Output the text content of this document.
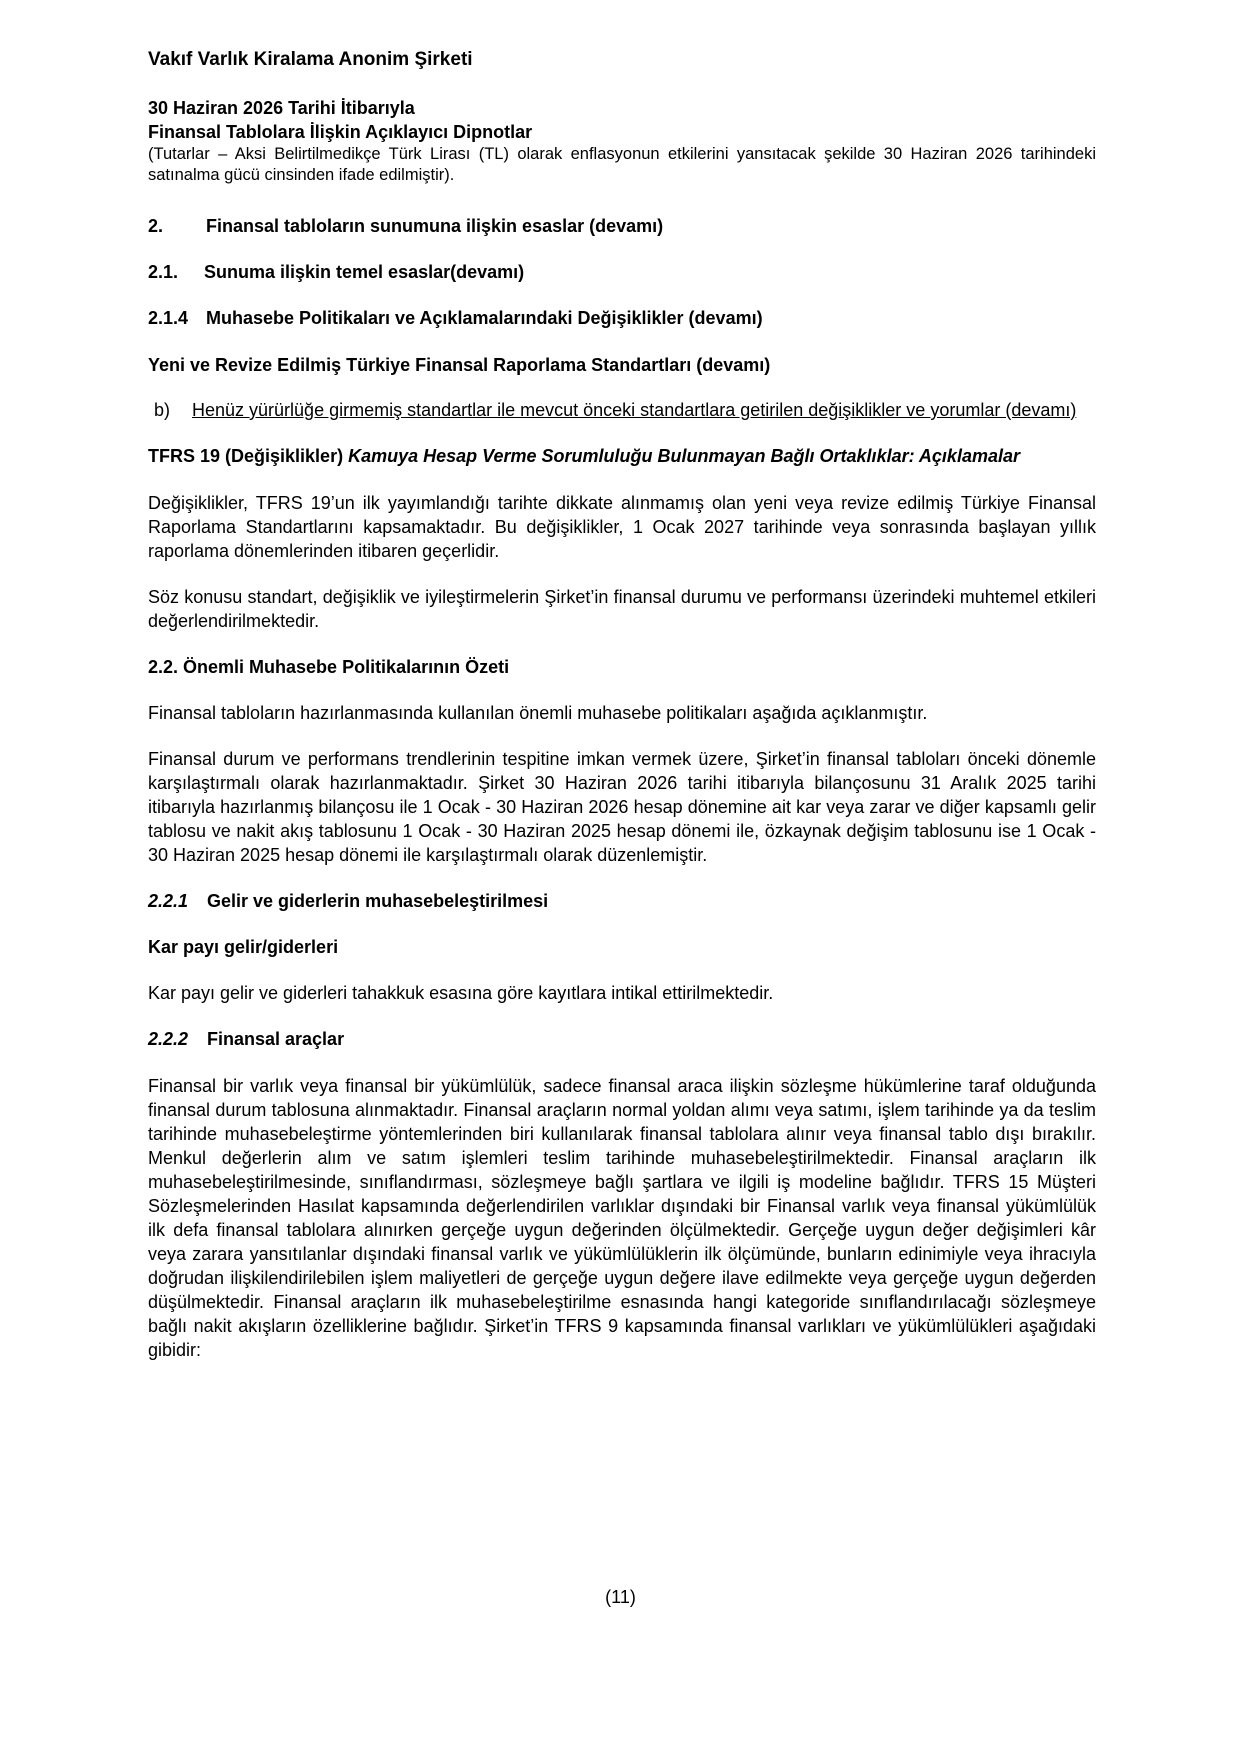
Vakıf Varlık Kiralama Anonim Şirketi
30 Haziran 2026 Tarihi İtibarıyla
Finansal Tablolara İlişkin Açıklayıcı Dipnotlar
(Tutarlar – Aksi Belirtilmedikçe Türk Lirası (TL) olarak enflasyonun etkilerini yansıtacak şekilde 30 Haziran 2026 tarihindeki satınalma gücü cinsinden ifade edilmiştir).
2. Finansal tabloların sunumuna ilişkin esaslar (devamı)
2.1. Sunuma ilişkin temel esaslar(devamı)
2.1.4 Muhasebe Politikaları ve Açıklamalarındaki Değişiklikler (devamı)
Yeni ve Revize Edilmiş Türkiye Finansal Raporlama Standartları (devamı)
b)	Henüz yürürlüğe girmemiş standartlar ile mevcut önceki standartlara getirilen değişiklikler ve yorumlar (devamı)
TFRS 19 (Değişiklikler) Kamuya Hesap Verme Sorumluluğu Bulunmayan Bağlı Ortaklıklar: Açıklamalar

Değişiklikler, TFRS 19’un ilk yayımlandığı tarihte dikkate alınmamış olan yeni veya revize edilmiş Türkiye Finansal Raporlama Standartlarını kapsamaktadır. Bu değişiklikler, 1 Ocak 2027 tarihinde veya sonrasında başlayan yıllık raporlama dönemlerinden itibaren geçerlidir.

Söz konusu standart, değişiklik ve iyileştirmelerin Şirket’in finansal durumu ve performansı üzerindeki muhtemel etkileri değerlendirilmektedir.

2.2. Önemli Muhasebe Politikalarının Özeti

Finansal tabloların hazırlanmasında kullanılan önemli muhasebe politikaları aşağıda açıklanmıştır.

Finansal durum ve performans trendlerinin tespitine imkan vermek üzere, Şirket’in finansal tabloları önceki dönemle karşılaştırmalı olarak hazırlanmaktadır. Şirket 30 Haziran 2026 tarihi itibarıyla bilançosunu 31 Aralık 2025 tarihi itibarıyla hazırlanmış bilançosu ile 1 Ocak - 30 Haziran 2026 hesap dönemine ait kar veya zarar ve diğer kapsamlı gelir tablosu ve nakit akış tablosunu 1 Ocak - 30 Haziran 2025 hesap dönemi ile, özkaynak değişim tablosunu ise 1 Ocak - 30 Haziran 2025 hesap dönemi ile karşılaştırmalı olarak düzenlemiştir.

2.2.1 Gelir ve giderlerin muhasebeleştirilmesi
Kar payı gelir/giderleri

Kar payı gelir ve giderleri tahakkuk esasına göre kayıtlara intikal ettirilmektedir.

2.2.2 Finansal araçlar

Finansal bir varlık veya finansal bir yükümlülük, sadece finansal araca ilişkin sözleşme hükümlerine taraf olduğunda finansal durum tablosuna alınmaktadır. Finansal araçların normal yoldan alımı veya satımı, işlem tarihinde ya da teslim tarihinde muhasebeleştirme yöntemlerinden biri kullanılarak finansal tablolara alınır veya finansal tablo dışı bırakılır. Menkul değerlerin alım ve satım işlemleri teslim tarihinde muhasebeleştirilmektedir. Finansal araçların ilk muhasebeleştirilmesinde, sınıflandırması, sözleşmeye bağlı şartlara ve ilgili iş modeline bağlıdır. TFRS 15 Müşteri Sözleşmelerinden Hasılat kapsamında değerlendirilen varlıklar dışındaki bir Finansal varlık veya finansal yükümlülük ilk defa finansal tablolara alınırken gerçeğe uygun değerinden ölçülmektedir. Gerçeğe uygun değer değişimleri kâr veya zarara yansıtılanlar dışındaki finansal varlık ve yükümlülüklerin ilk ölçümünde, bunların edinimiyle veya ihracıyla doğrudan ilişkilendirilebilen işlem maliyetleri de gerçeğe uygun değere ilave edilmekte veya gerçeğe uygun değerden düşülmektedir. Finansal araçların ilk muhasebeleştirilme esnasında hangi kategoride sınıflandırılacağı sözleşmeye bağlı nakit akışların özelliklerine bağlıdır. Şirket’in TFRS 9 kapsamında finansal varlıkları ve yükümlülükleri aşağıdaki gibidir:

(11)
